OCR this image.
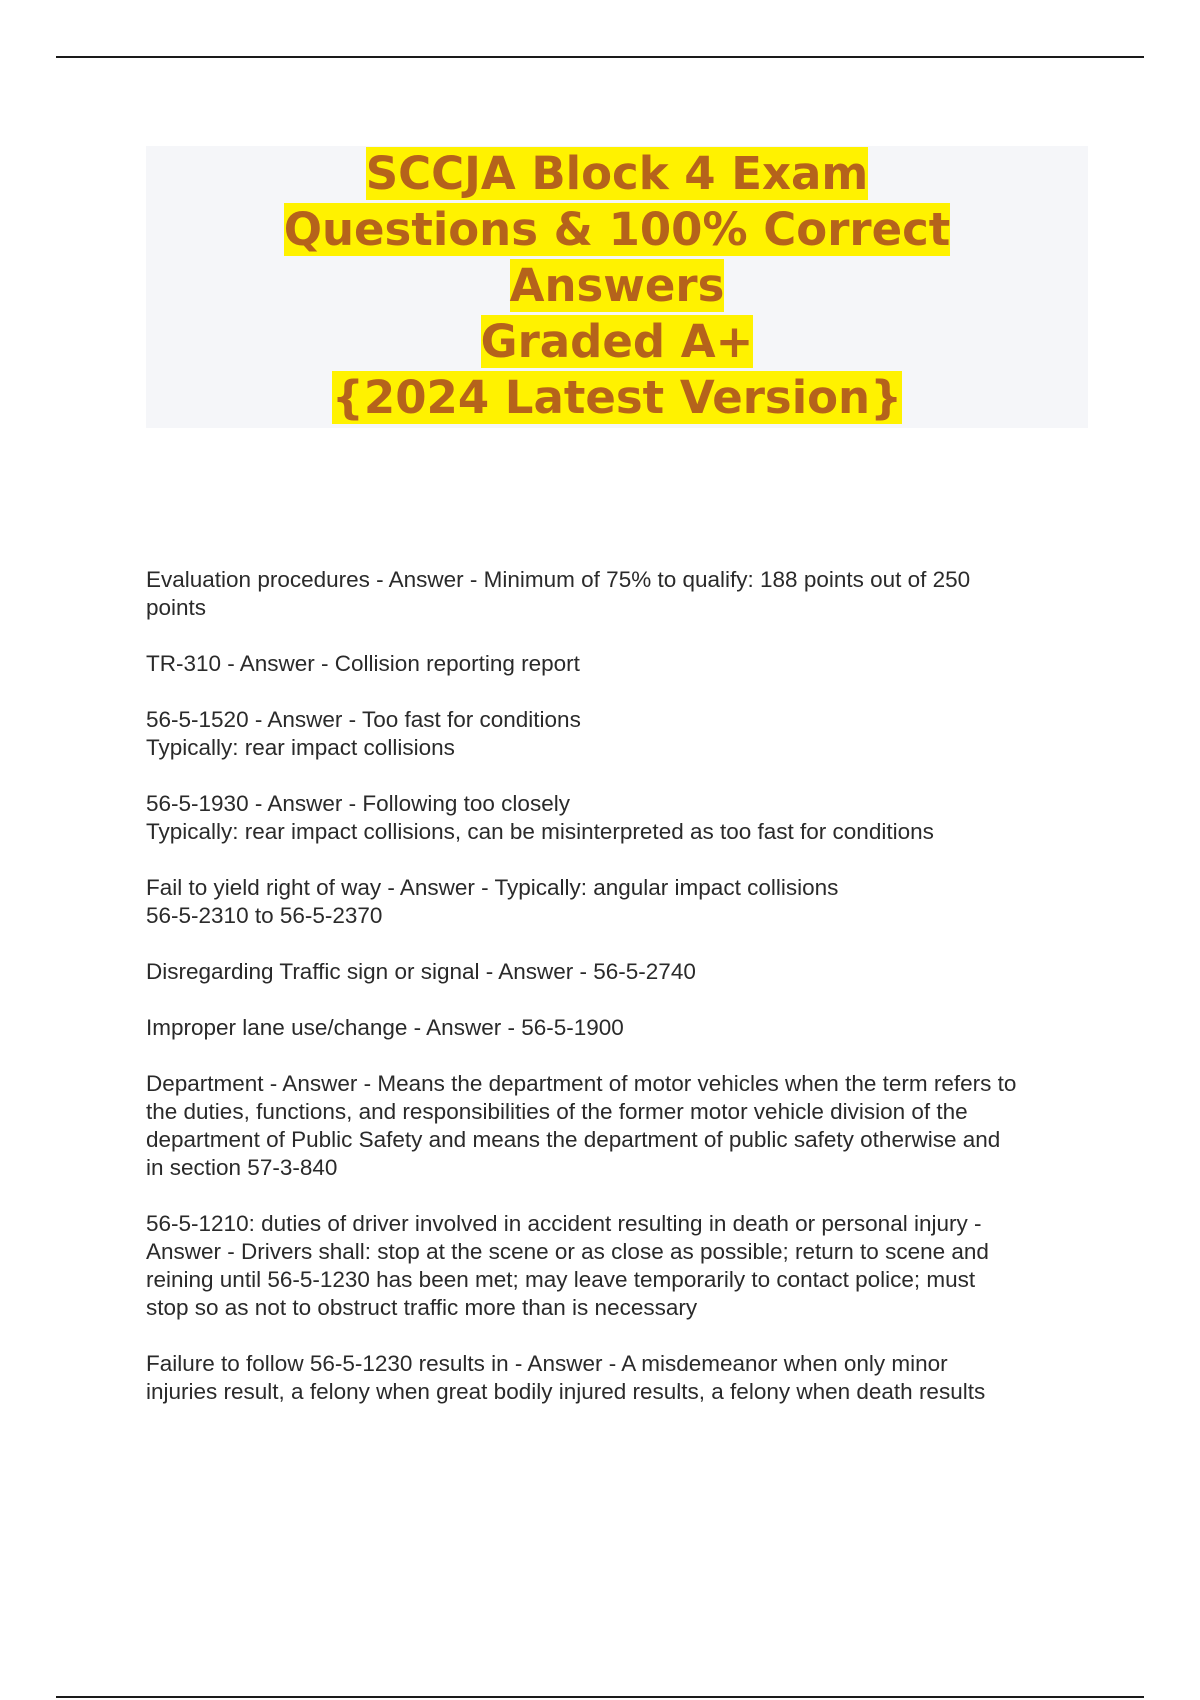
SCCJA Block 4 Exam
Questions & 100% Correct
Answers
Graded A+
{2024 Latest Version}
Evaluation procedures - Answer - Minimum of 75% to qualify: 188 points out of 250
points
TR-310 - Answer - Collision reporting report
56-5-1520 - Answer - Too fast for conditions
Typically: rear impact collisions
56-5-1930 - Answer - Following too closely
Typically: rear impact collisions, can be misinterpreted as too fast for conditions
Fail to yield right of way - Answer - Typically: angular impact collisions
56-5-2310 to 56-5-2370
Disregarding Traffic sign or signal - Answer - 56-5-2740
Improper lane use/change - Answer - 56-5-1900
Department - Answer - Means the department of motor vehicles when the term refers to
the duties, functions, and responsibilities of the former motor vehicle division of the
department of Public Safety and means the department of public safety otherwise and
in section 57-3-840
56-5-1210: duties of driver involved in accident resulting in death or personal injury -
Answer - Drivers shall: stop at the scene or as close as possible; return to scene and
reining until 56-5-1230 has been met; may leave temporarily to contact police; must
stop so as not to obstruct traffic more than is necessary
Failure to follow 56-5-1230 results in - Answer - A misdemeanor when only minor
injuries result, a felony when great bodily injured results, a felony when death results
